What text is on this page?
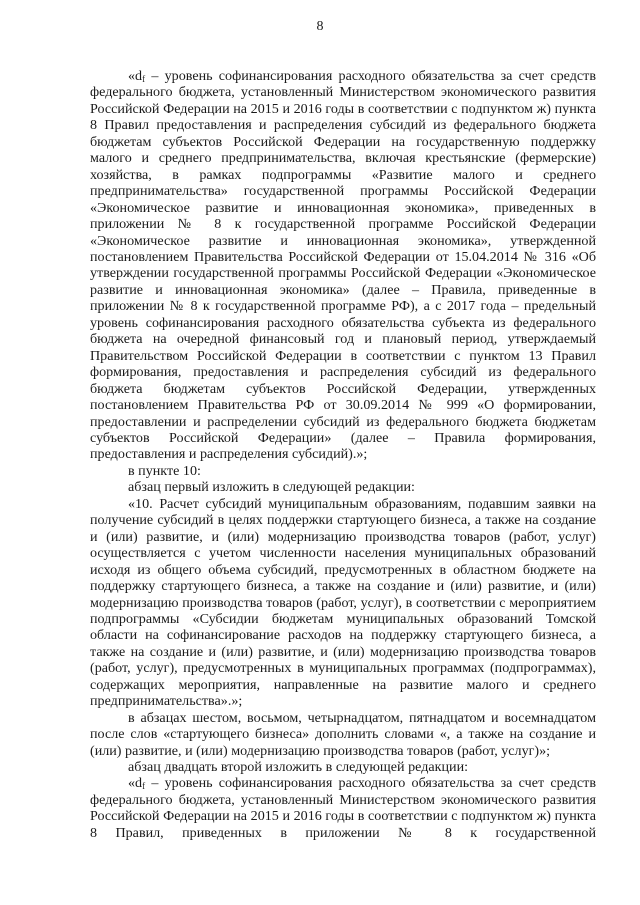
8

«$d_f$ – уровень софинансирования расходного обязательства за счет средств федерального бюджета, установленный Министерством экономического развития Российской Федерации на 2015 и 2016 годы в соответствии с подпунктом ж) пункта 8 Правил предоставления и распределения субсидий из федерального бюджета бюджетам субъектов Российской Федерации на государственную поддержку малого и среднего предпринимательства, включая крестьянские (фермерские) хозяйства, в рамках подпрограммы «Развитие малого и среднего предпринимательства» государственной программы Российской Федерации «Экономическое развитие и инновационная экономика», приведенных в приложении № 8 к государственной программе Российской Федерации «Экономическое развитие и инновационная экономика», утвержденной постановлением Правительства Российской Федерации от 15.04.2014 № 316 «Об утверждении государственной программы Российской Федерации «Экономическое развитие и инновационная экономика» (далее – Правила, приведенные в приложении № 8 к государственной программе РФ), а с 2017 года – предельный уровень софинансирования расходного обязательства субъекта из федерального бюджета на очередной финансовый год и плановый период, утверждаемый Правительством Российской Федерации в соответствии с пунктом 13 Правил формирования, предоставления и распределения субсидий из федерального бюджета бюджетам субъектов Российской Федерации, утвержденных постановлением Правительства РФ от 30.09.2014 № 999 «О формировании, предоставлении и распределении субсидий из федерального бюджета бюджетам субъектов Российской Федерации» (далее – Правила формирования, предоставления и распределения субсидий).»;

в пункте 10:

абзац первый изложить в следующей редакции:

«10. Расчет субсидий муниципальным образованиям, подавшим заявки на получение субсидий в целях поддержки стартующего бизнеса, а также на создание и (или) развитие, и (или) модернизацию производства товаров (работ, услуг) осуществляется с учетом численности населения муниципальных образований исходя из общего объема субсидий, предусмотренных в областном бюджете на поддержку стартующего бизнеса, а также на создание и (или) развитие, и (или) модернизацию производства товаров (работ, услуг), в соответствии с мероприятием подпрограммы «Субсидии бюджетам муниципальных образований Томской области на софинансирование расходов на поддержку стартующего бизнеса, а также на создание и (или) развитие, и (или) модернизацию производства товаров (работ, услуг), предусмотренных в муниципальных программах (подпрограммах), содержащих мероприятия, направленные на развитие малого и среднего предпринимательства».»;

в абзацах шестом, восьмом, четырнадцатом, пятнадцатом и восемнадцатом после слов «стартующего бизнеса» дополнить словами «, а также на создание и (или) развитие, и (или) модернизацию производства товаров (работ, услуг)»;

абзац двадцать второй изложить в следующей редакции:

«$d_f$ – уровень софинансирования расходного обязательства за счет средств федерального бюджета, установленный Министерством экономического развития Российской Федерации на 2015 и 2016 годы в соответствии с подпунктом ж) пункта 8 Правил, приведенных в приложении № 8 к государственной
